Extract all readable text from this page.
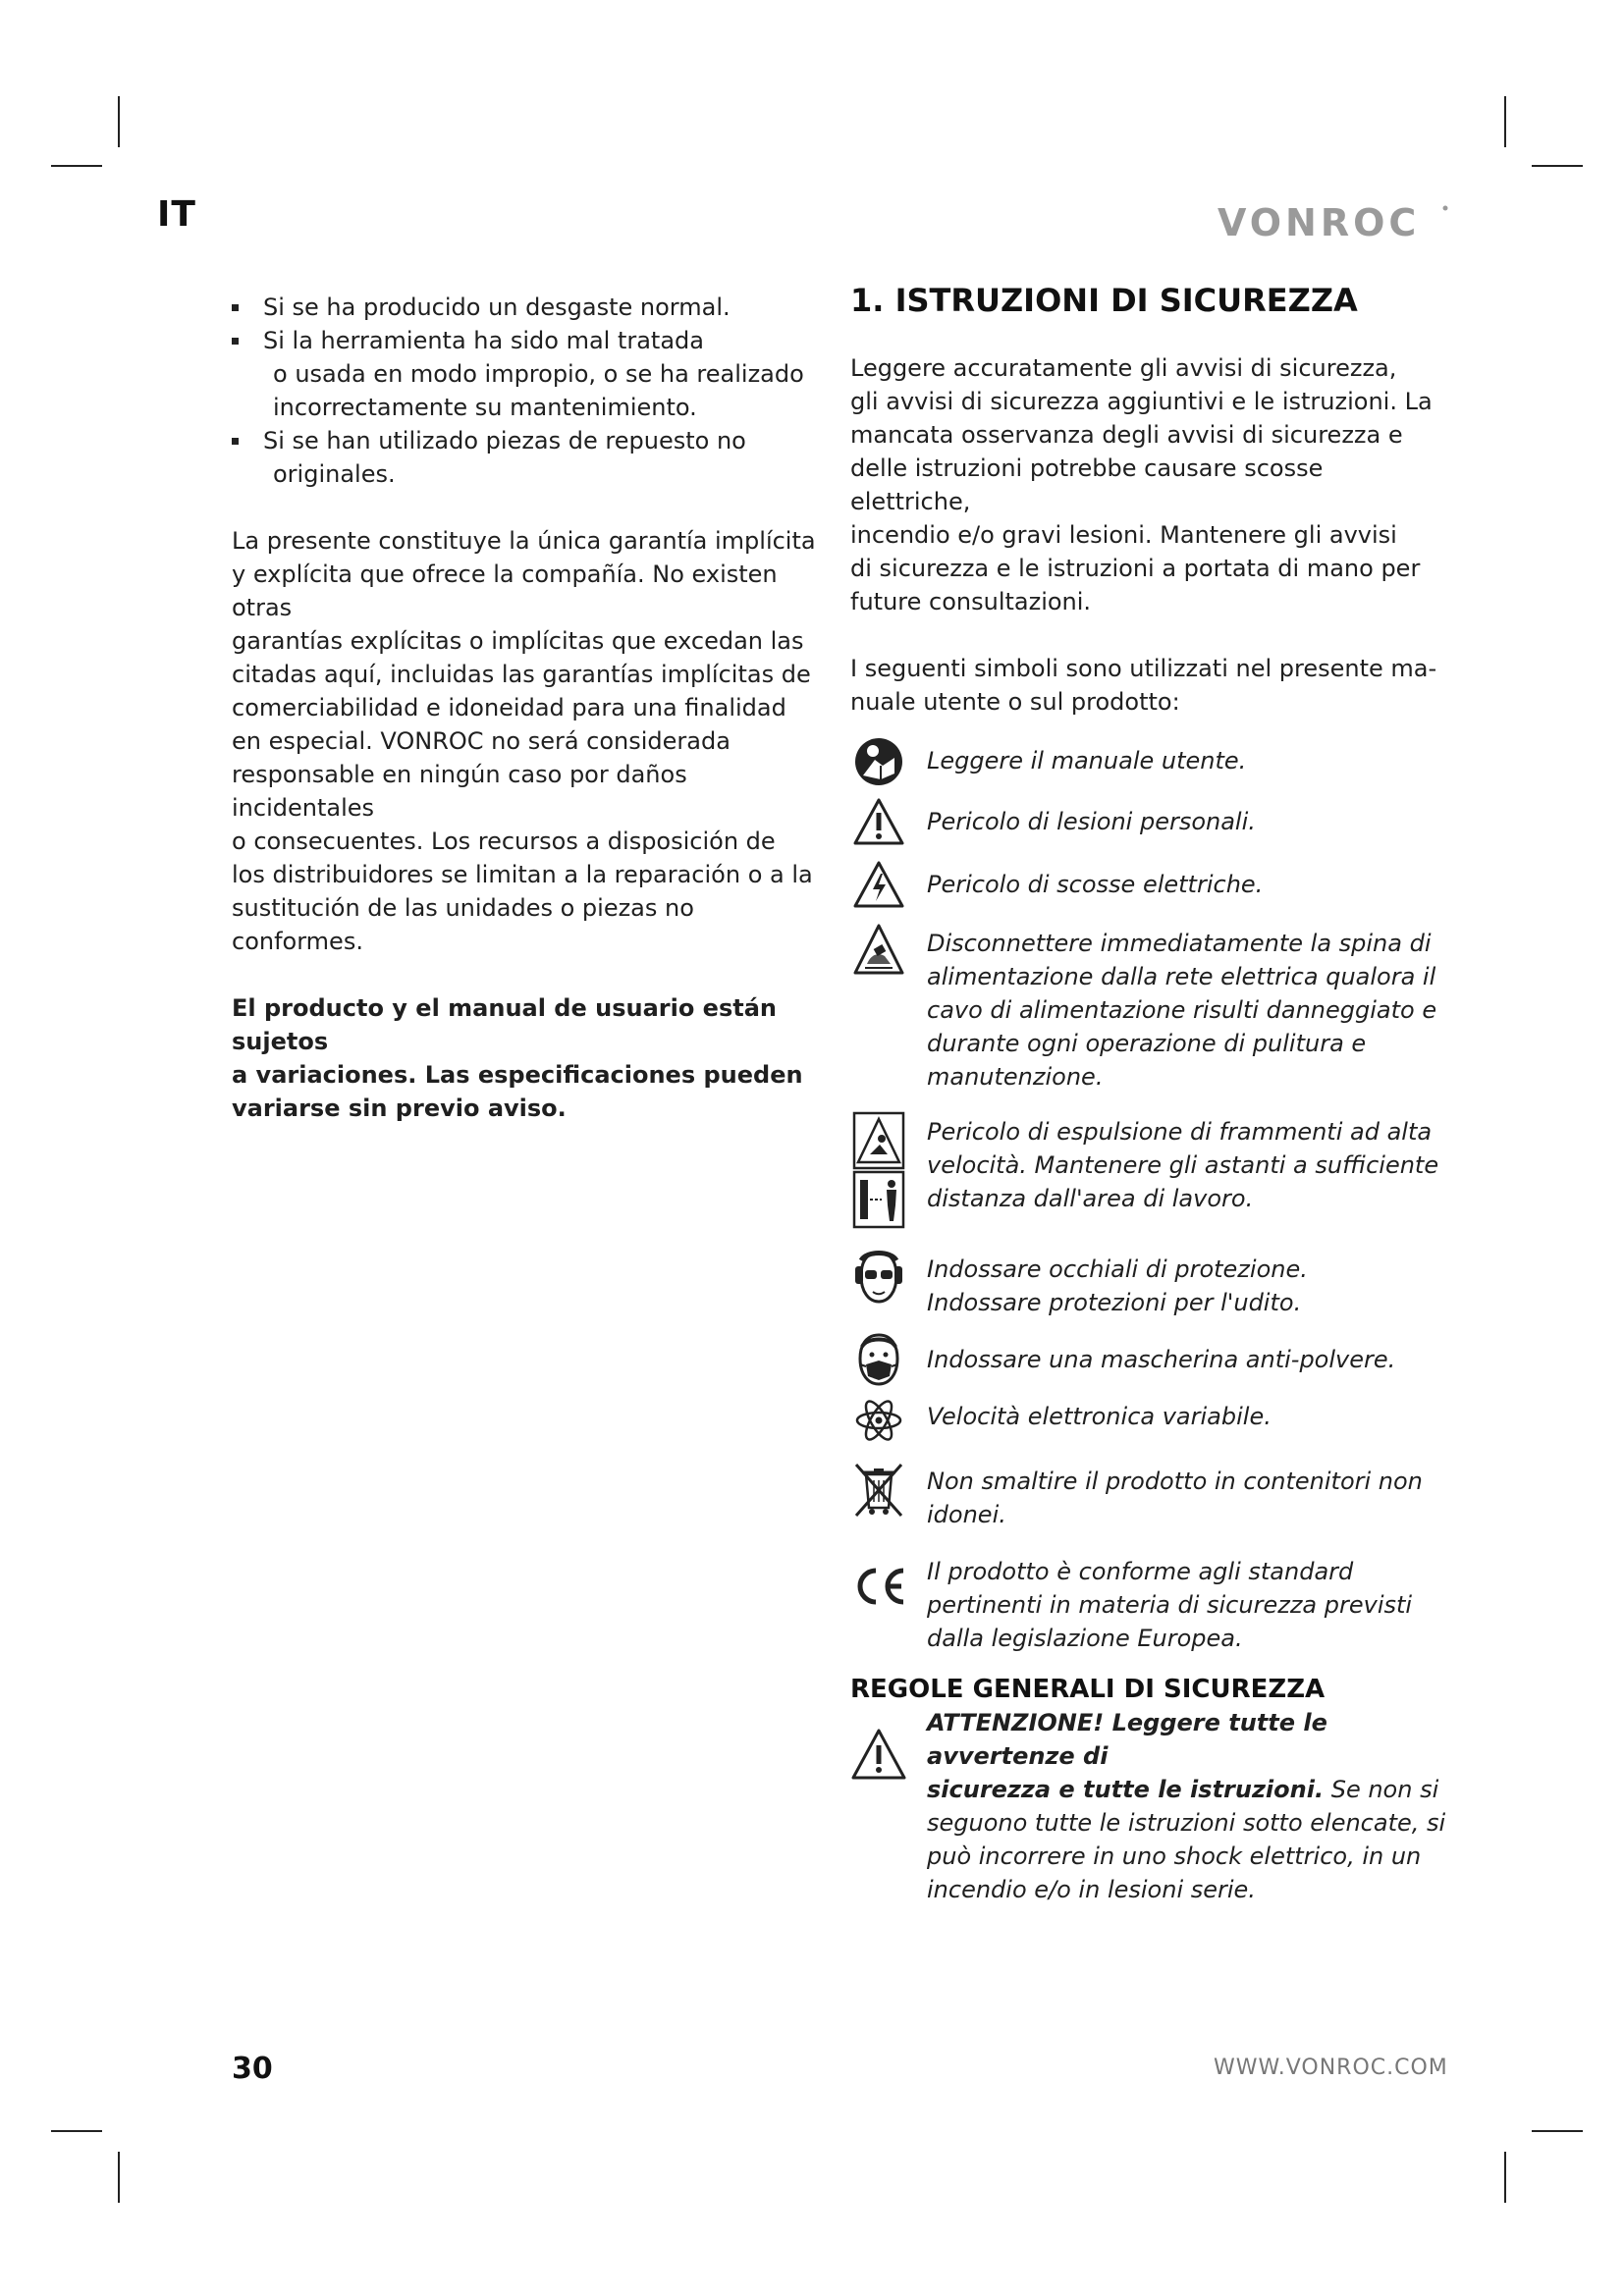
IT	VONROC
Si se ha producido un desgaste normal.
Si la herramienta ha sido mal tratada
o usada en modo impropio, o se ha realizado
incorrectamente su mantenimiento.
Si se han utilizado piezas de repuesto no
originales.

La presente constituye la única garantía implícita
y explícita que ofrece la compañía. No existen otras
garantías explícitas o implícitas que excedan las
citadas aquí, incluidas las garantías implícitas de
comerciabilidad e idoneidad para una finalidad
en especial. VONROC no será considerada
responsable en ningún caso por daños incidentales
o consecuentes. Los recursos a disposición de
los distribuidores se limitan a la reparación o a la
sustitución de las unidades o piezas no conformes.

El producto y el manual de usuario están sujetos
a variaciones. Las especificaciones pueden
variarse sin previo aviso.

1. ISTRUZIONI DI SICUREZZA

Leggere accuratamente gli avvisi di sicurezza,
gli avvisi di sicurezza aggiuntivi e le istruzioni. La
mancata osservanza degli avvisi di sicurezza e
delle istruzioni potrebbe causare scosse elettriche,
incendio e/o gravi lesioni. Mantenere gli avvisi
di sicurezza e le istruzioni a portata di mano per
future consultazioni.

I seguenti simboli sono utilizzati nel presente ma-
nuale utente o sul prodotto:

Leggere il manuale utente.
Pericolo di lesioni personali.
Pericolo di scosse elettriche.
Disconnettere immediatamente la spina di
alimentazione dalla rete elettrica qualora il
cavo di alimentazione risulti danneggiato e
durante ogni operazione di pulitura e
manutenzione.
Pericolo di espulsione di frammenti ad alta
velocità. Mantenere gli astanti a sufficiente
distanza dall'area di lavoro.
Indossare occhiali di protezione.
Indossare protezioni per l'udito.
Indossare una mascherina anti-polvere.
Velocità elettronica variabile.
Non smaltire il prodotto in contenitori non
idonei.
Il prodotto è conforme agli standard
pertinenti in materia di sicurezza previsti
dalla legislazione Europea.
REGOLE GENERALI DI SICUREZZA
ATTENZIONE! Leggere tutte le avvertenze di
sicurezza e tutte le istruzioni. Se non si
seguono tutte le istruzioni sotto elencate, si
può incorrere in uno shock elettrico, in un
incendio e/o in lesioni serie.
30	WWW.VONROC.COM
